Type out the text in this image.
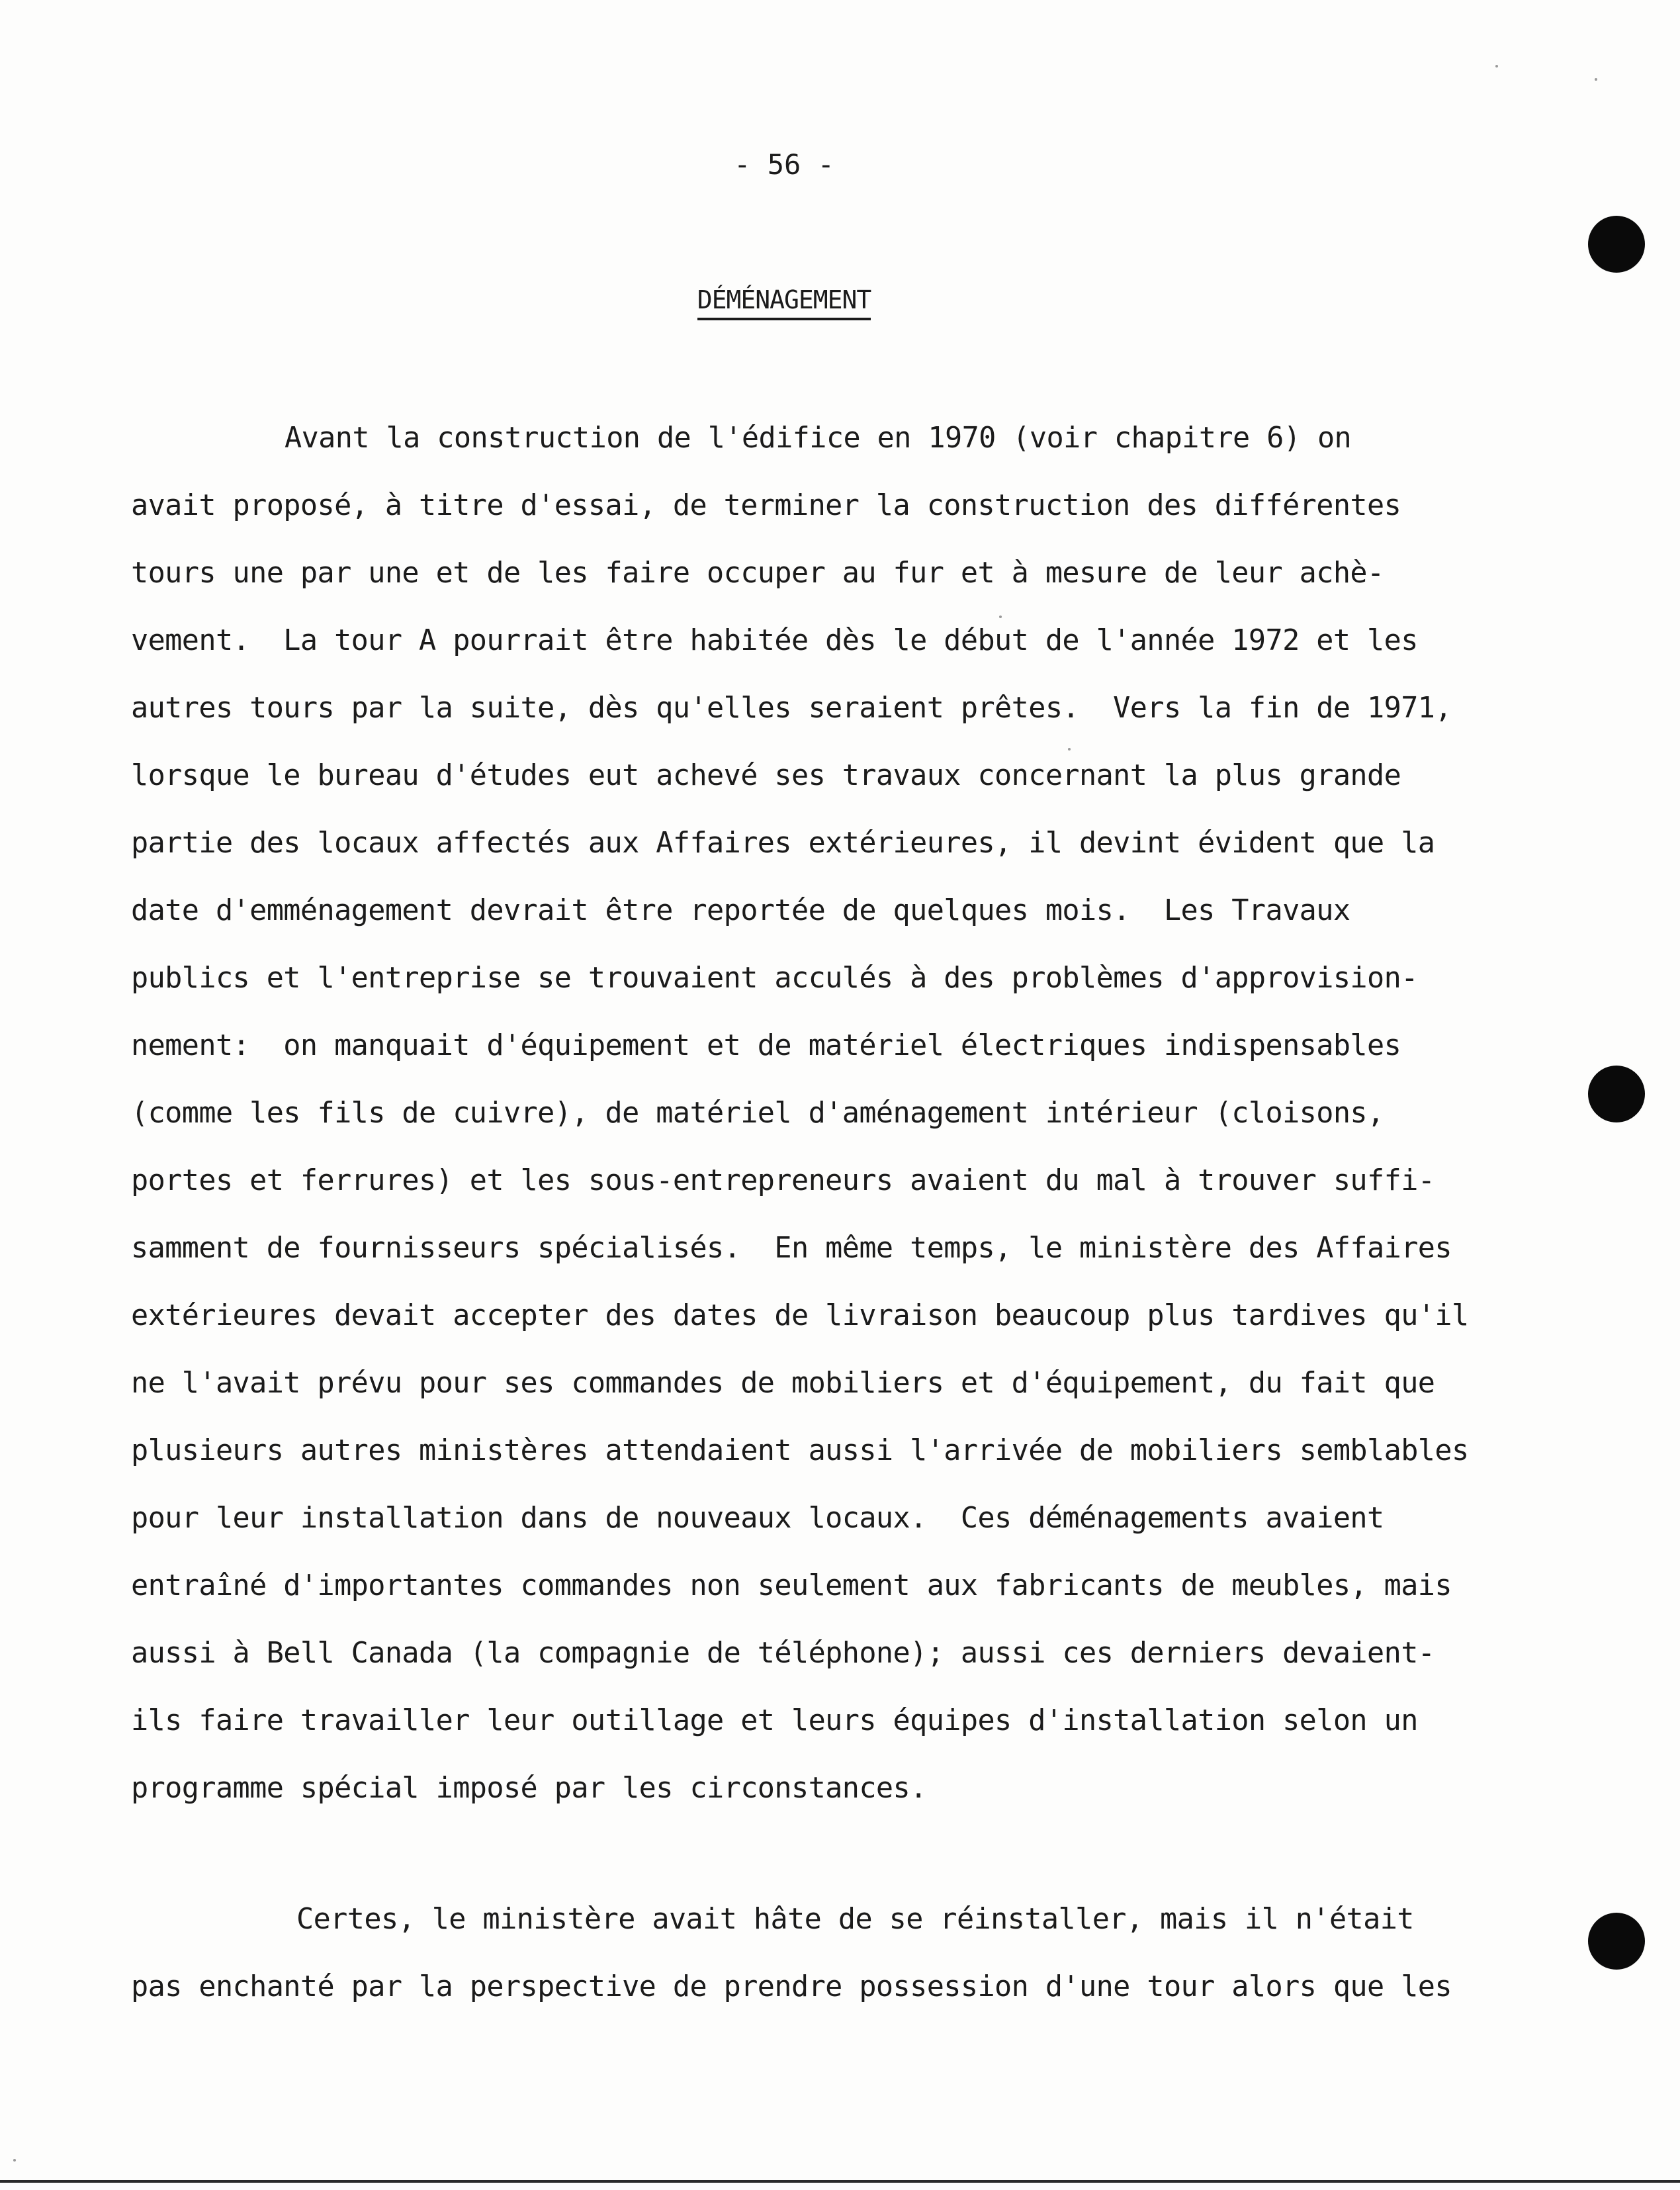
- 56 -
DÉMÉNAGEMENT
Avant la construction de l'édifice en 1970 (voir chapitre 6) on
avait proposé, à titre d'essai, de terminer la construction des différentes
tours une par une et de les faire occuper au fur et à mesure de leur achè-
vement.  La tour A pourrait être habitée dès le début de l'année 1972 et les
autres tours par la suite, dès qu'elles seraient prêtes.  Vers la fin de 1971,
lorsque le bureau d'études eut achevé ses travaux concernant la plus grande
partie des locaux affectés aux Affaires extérieures, il devint évident que la
date d'emménagement devrait être reportée de quelques mois.  Les Travaux
publics et l'entreprise se trouvaient acculés à des problèmes d'approvision-
nement:  on manquait d'équipement et de matériel électriques indispensables
(comme les fils de cuivre), de matériel d'aménagement intérieur (cloisons,
portes et ferrures) et les sous-entrepreneurs avaient du mal à trouver suffi-
samment de fournisseurs spécialisés.  En même temps, le ministère des Affaires
extérieures devait accepter des dates de livraison beaucoup plus tardives qu'il
ne l'avait prévu pour ses commandes de mobiliers et d'équipement, du fait que
plusieurs autres ministères attendaient aussi l'arrivée de mobiliers semblables
pour leur installation dans de nouveaux locaux.  Ces déménagements avaient
entraîné d'importantes commandes non seulement aux fabricants de meubles, mais
aussi à Bell Canada (la compagnie de téléphone); aussi ces derniers devaient-
ils faire travailler leur outillage et leurs équipes d'installation selon un
programme spécial imposé par les circonstances.
Certes, le ministère avait hâte de se réinstaller, mais il n'était
pas enchanté par la perspective de prendre possession d'une tour alors que les
